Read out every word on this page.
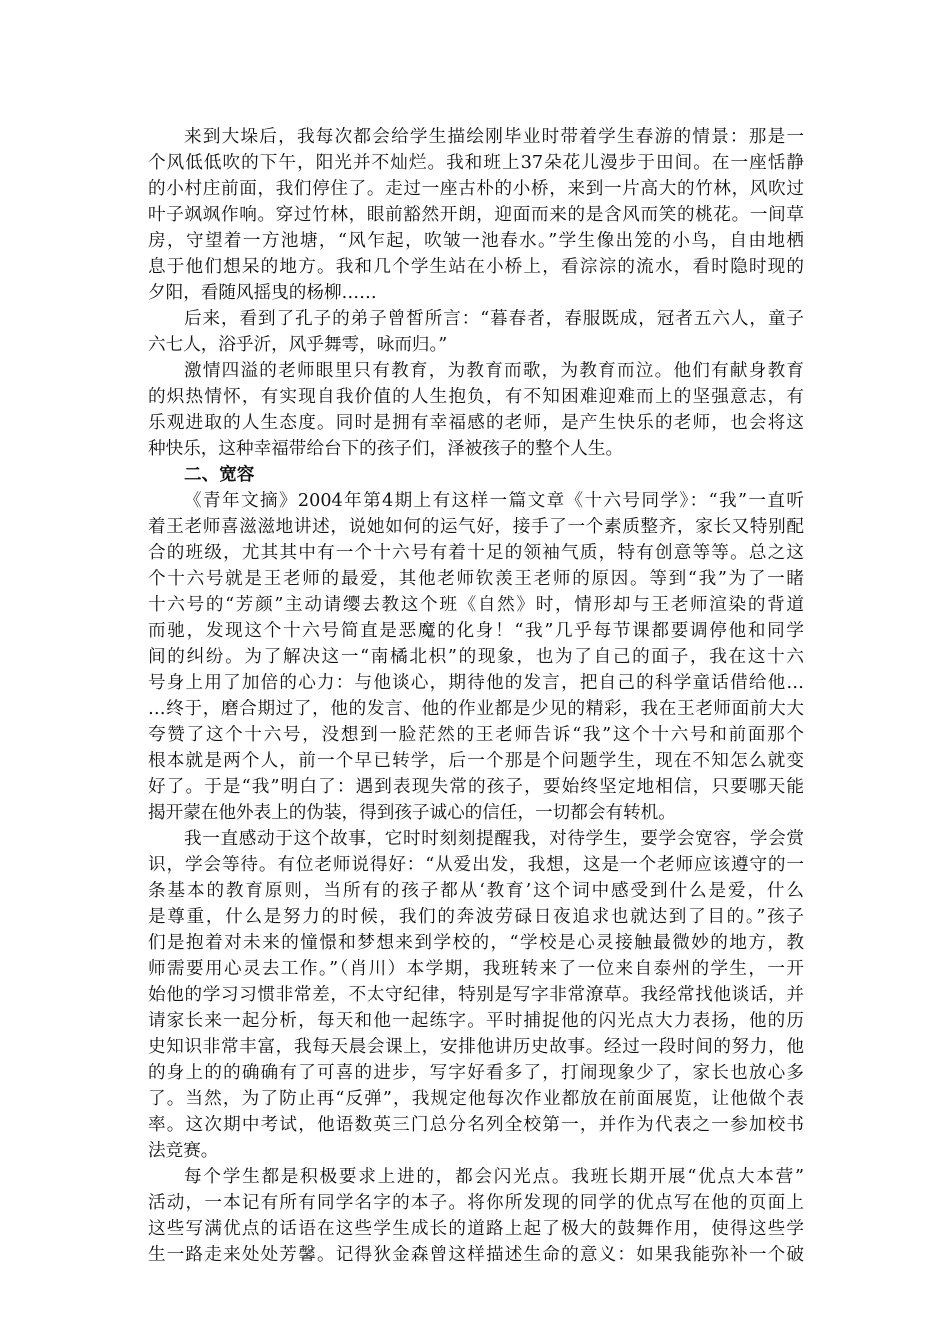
来到大垛后，我每次都会给学生描绘刚毕业时带着学生春游的情景：那是一
个风低低吹的下午，阳光并不灿烂。我和班上37朵花儿漫步于田间。在一座恬静
的小村庄前面，我们停住了。走过一座古朴的小桥，来到一片高大的竹林，风吹过
叶子飒飒作响。穿过竹林，眼前豁然开朗，迎面而来的是含风而笑的桃花。一间草
房，守望着一方池塘，“风乍起，吹皱一池春水。”学生像出笼的小鸟，自由地栖
息于他们想呆的地方。我和几个学生站在小桥上，看淙淙的流水，看时隐时现的
夕阳，看随风摇曳的杨柳……
后来，看到了孔子的弟子曾皙所言：“暮春者，春服既成，冠者五六人，童子
六七人，浴乎沂，风乎舞雩，咏而归。”
激情四溢的老师眼里只有教育，为教育而歌，为教育而泣。他们有献身教育
的炽热情怀，有实现自我价值的人生抱负，有不知困难迎难而上的坚强意志，有
乐观进取的人生态度。同时是拥有幸福感的老师，是产生快乐的老师，也会将这
种快乐，这种幸福带给台下的孩子们，泽被孩子的整个人生。
二、宽容
《青年文摘》2004年第4期上有这样一篇文章《十六号同学》：“我”一直听
着王老师喜滋滋地讲述，说她如何的运气好，接手了一个素质整齐，家长又特别配
合的班级，尤其其中有一个十六号有着十足的领袖气质，特有创意等等。总之这
个十六号就是王老师的最爱，其他老师钦羡王老师的原因。等到“我”为了一睹
十六号的“芳颜”主动请缨去教这个班《自然》时，情形却与王老师渲染的背道
而驰，发现这个十六号简直是恶魔的化身！“我”几乎每节课都要调停他和同学
间的纠纷。为了解决这一“南橘北枳”的现象，也为了自己的面子，我在这十六
号身上用了加倍的心力：与他谈心，期待他的发言，把自己的科学童话借给他…
…终于，磨合期过了，他的发言、他的作业都是少见的精彩，我在王老师面前大大
夸赞了这个十六号，没想到一脸茫然的王老师告诉“我”这个十六号和前面那个
根本就是两个人，前一个早已转学，后一个那是个问题学生，现在不知怎么就变
好了。于是“我”明白了：遇到表现失常的孩子，要始终坚定地相信，只要哪天能
揭开蒙在他外表上的伪装，得到孩子诚心的信任，一切都会有转机。
我一直感动于这个故事，它时时刻刻提醒我，对待学生，要学会宽容，学会赏
识，学会等待。有位老师说得好：“从爱出发，我想，这是一个老师应该遵守的一
条基本的教育原则，当所有的孩子都从‘教育’这个词中感受到什么是爱，什么
是尊重，什么是努力的时候，我们的奔波劳碌日夜追求也就达到了目的。”孩子
们是抱着对未来的憧憬和梦想来到学校的，“学校是心灵接触最微妙的地方，教
师需要用心灵去工作。”（肖川）本学期，我班转来了一位来自泰州的学生，一开
始他的学习习惯非常差，不太守纪律，特别是写字非常潦草。我经常找他谈话，并
请家长来一起分析，每天和他一起练字。平时捕捉他的闪光点大力表扬，他的历
史知识非常丰富，我每天晨会课上，安排他讲历史故事。经过一段时间的努力，他
的身上的的确确有了可喜的进步，写字好看多了，打闹现象少了，家长也放心多
了。当然，为了防止再“反弹”，我规定他每次作业都放在前面展览，让他做个表
率。这次期中考试，他语数英三门总分名列全校第一，并作为代表之一参加校书
法竞赛。
每个学生都是积极要求上进的，都会闪光点。我班长期开展“优点大本营”
活动，一本记有所有同学名字的本子。将你所发现的同学的优点写在他的页面上
这些写满优点的话语在这些学生成长的道路上起了极大的鼓舞作用，使得这些学
生一路走来处处芳馨。记得狄金森曾这样描述生命的意义：如果我能弥补一个破
